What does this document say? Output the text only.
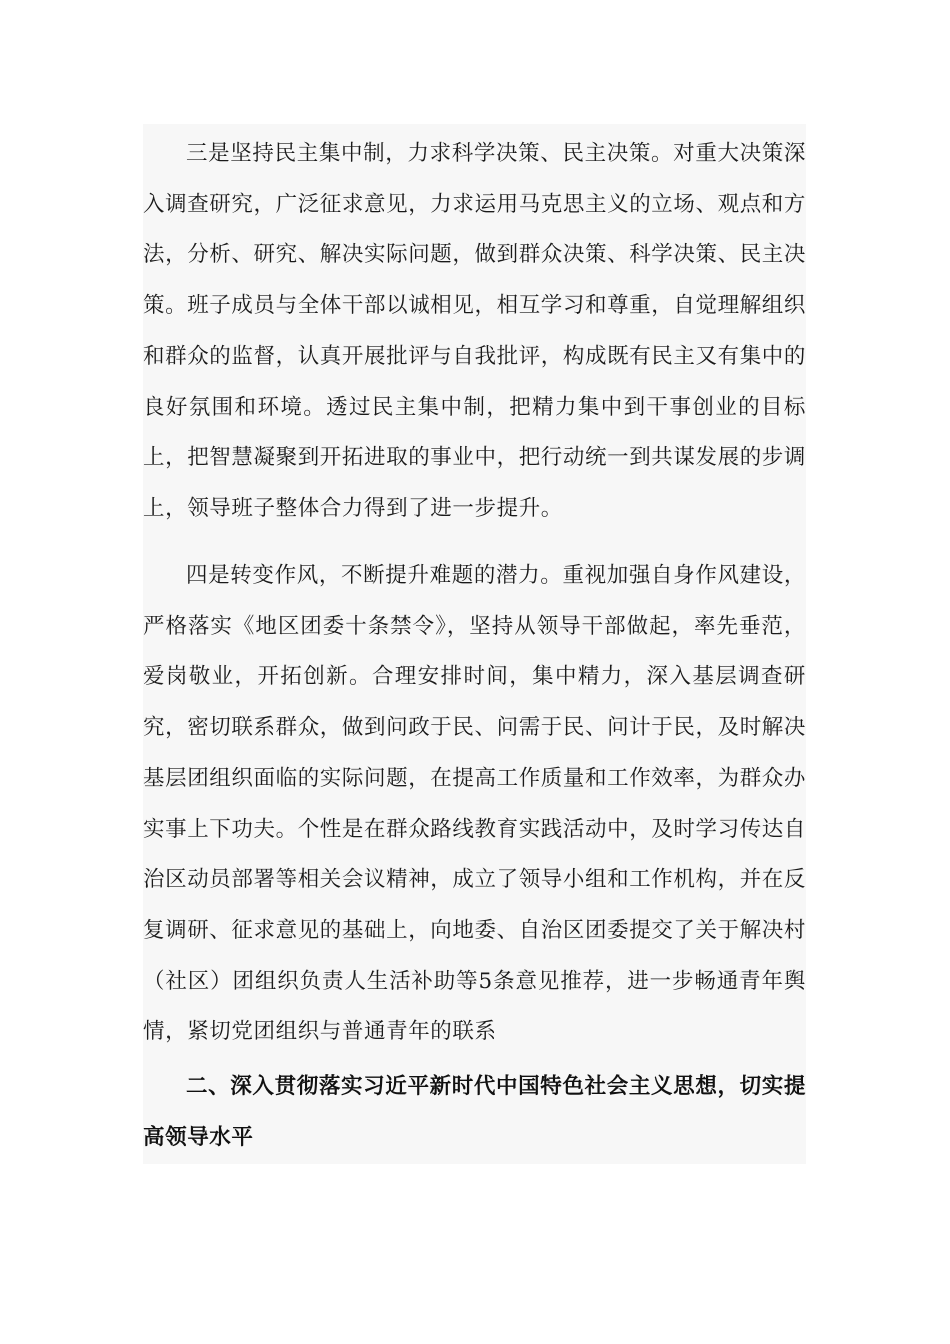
三是坚持民主集中制，力求科学决策、民主决策。对重大决策深入调查研究，广泛征求意见，力求运用马克思主义的立场、观点和方法，分析、研究、解决实际问题，做到群众决策、科学决策、民主决策。班子成员与全体干部以诚相见，相互学习和尊重，自觉理解组织和群众的监督，认真开展批评与自我批评，构成既有民主又有集中的良好氛围和环境。透过民主集中制，把精力集中到干事创业的目标上，把智慧凝聚到开拓进取的事业中，把行动统一到共谋发展的步调上，领导班子整体合力得到了进一步提升。

四是转变作风，不断提升难题的潜力。重视加强自身作风建设，严格落实《地区团委十条禁令》，坚持从领导干部做起，率先垂范，爱岗敬业，开拓创新。合理安排时间，集中精力，深入基层调查研究，密切联系群众，做到问政于民、问需于民、问计于民，及时解决基层团组织面临的实际问题，在提高工作质量和工作效率，为群众办实事上下功夫。个性是在群众路线教育实践活动中，及时学习传达自治区动员部署等相关会议精神，成立了领导小组和工作机构，并在反复调研、征求意见的基础上，向地委、自治区团委提交了关于解决村（社区）团组织负责人生活补助等5条意见推荐，进一步畅通青年舆情，紧切党团组织与普通青年的联系

二、深入贯彻落实习近平新时代中国特色社会主义思想，切实提高领导水平
